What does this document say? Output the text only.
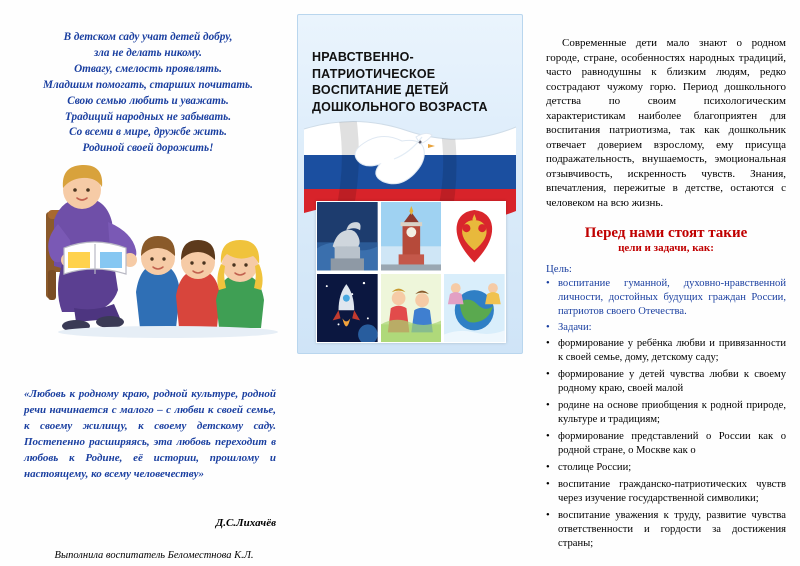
В детском саду учат детей добру,
зла не делать никому.
Отвагу, смелость проявлять.
Младшим помогать, старших почитать.
Свою семью любить и уважать.
Традиций народных не забывать.
Со всеми в мире, дружбе жить.
Родиной своей дорожить!
«Любовь к родному краю, родной культуре, родной речи начинается с малого – с любви к своей семье, к своему жилищу, к своему детскому саду. Постепенно расширяясь, эта любовь переходит в любовь к Родине, её истории, прошлому и настоящему, ко всему человечеству»
Д.С.Лихачёв
Выполнила воспитатель Беломестнова К.Л.
НРАВСТВЕННО-ПАТРИОТИЧЕСКОЕ
ВОСПИТАНИЕ ДЕТЕЙ
ДОШКОЛЬНОГО ВОЗРАСТА
Современные дети мало знают о родном городе, стране, особенностях народных традиций, часто равнодушны к близким людям, редко сострадают чужому горю. Период дошкольного детства по своим психологическим характеристикам наиболее благоприятен для воспитания патриотизма, так как дошкольник отвечает доверием взрослому, ему присуща подражательность, внушаемость, эмоциональная отзывчивость, искренность чувств. Знания, впечатления, пережитые в детстве, остаются с человеком на всю жизнь.
Перед нами стоят такие
цели и задачи, как:
Цель:
• воспитание гуманной, духовно-нравственной личности, достойных будущих граждан России, патриотов своего Отечества.
• Задачи:
• формирование у ребёнка любви и привязанности к своей семье, дому, детскому саду;
• формирование у детей чувства любви к своему родному краю, своей малой
• родине на основе приобщения к родной природе, культуре и традициям;
• формирование представлений о России как о родной стране, о Москве как о
• столице России;
• воспитание гражданско-патриотических чувств через изучение государственной символики;
• воспитание уважения к труду, развитие чувства ответственности и гордости за достижения страны;
